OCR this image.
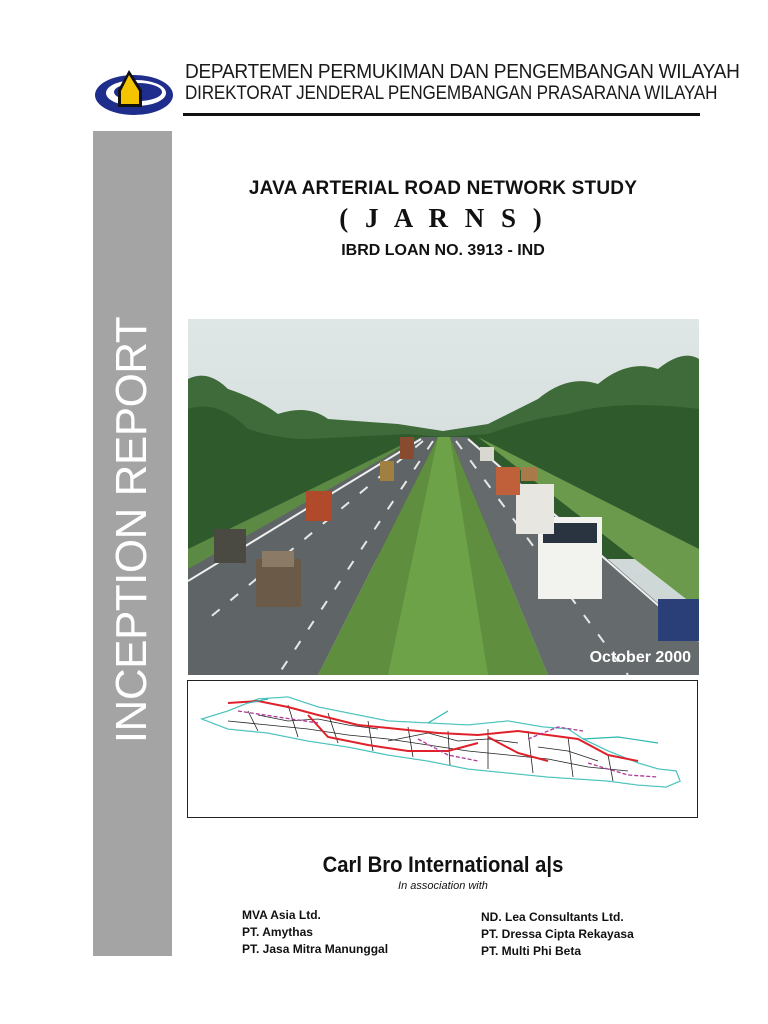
DEPARTEMEN PERMUKIMAN DAN PENGEMBANGAN WILAYAH
DIREKTORAT JENDERAL PENGEMBANGAN PRASARANA WILAYAH
INCEPTION REPORT
JAVA ARTERIAL ROAD NETWORK STUDY
( J A R N S )
IBRD LOAN NO. 3913 - IND
October 2000
Carl Bro International a|s
In association with
MVA Asia Ltd.
PT. Amythas
PT. Jasa Mitra Manunggal
ND. Lea Consultants Ltd.
PT. Dressa Cipta Rekayasa
PT. Multi Phi Beta
